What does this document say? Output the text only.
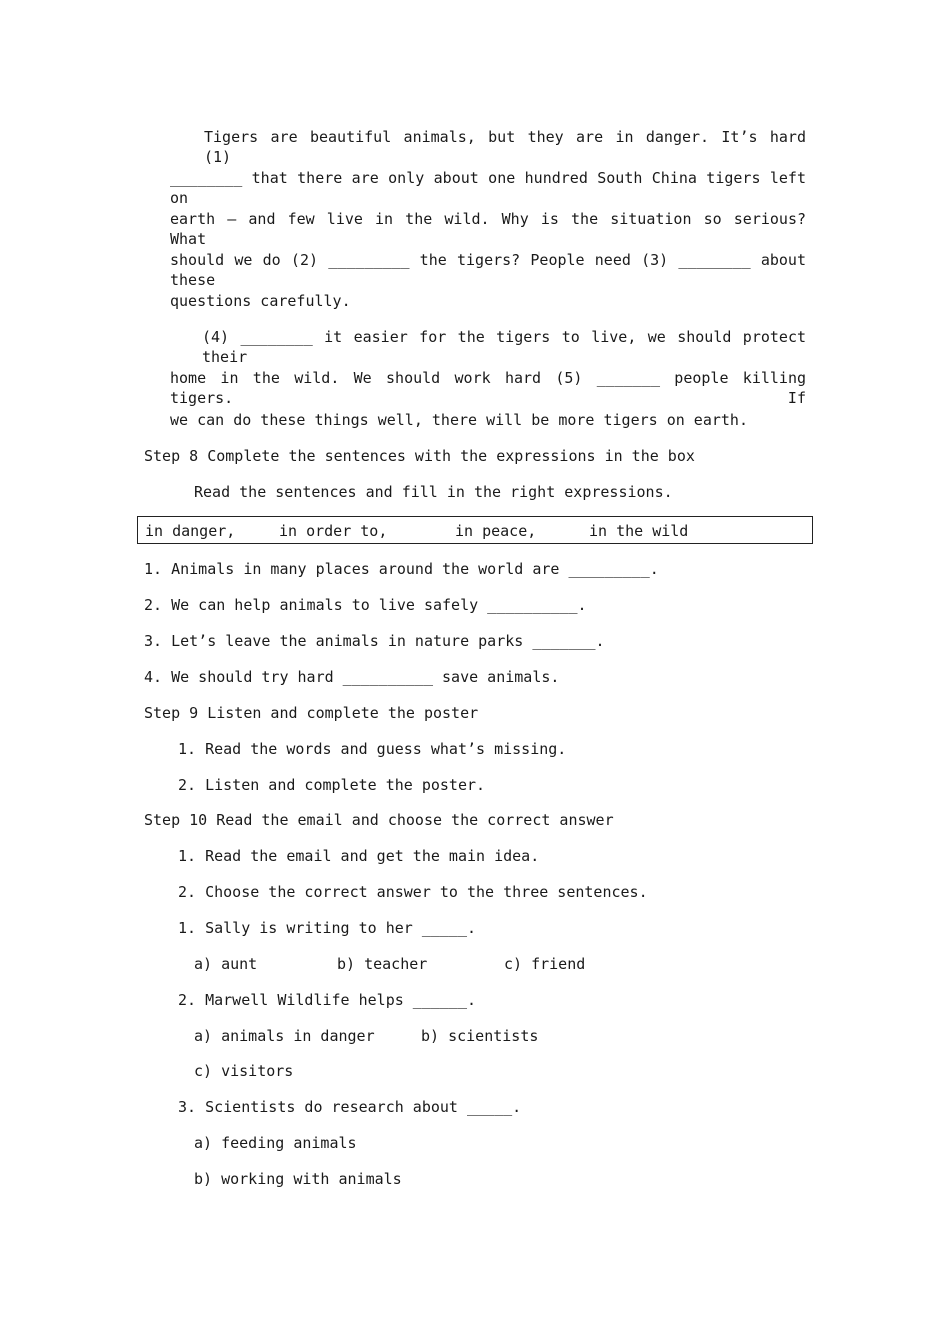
Tigers are beautiful animals, but they are in danger. It’s hard (1)
________ that there are only about one hundred South China tigers left on
earth — and few live in the wild. Why is the situation so serious? What
should we do (2) _________ the tigers? People need (3) ________ about these
questions carefully.
(4) ________ it easier for the tigers to live, we should protect their
home in the wild. We should work hard (5) _______ people killing tigers. If
we can do these things well, there will be more tigers on earth.
Step 8 Complete the sentences with the expressions in the box
Read the sentences and fill in the right expressions.
in danger,	in order to,	in peace,	in the wild
1. Animals in many places around the world are _________.
2. We can help animals to live safely __________.
3. Let’s leave the animals in nature parks _______.
4. We should try hard __________ save animals.
Step 9 Listen and complete the poster
1. Read the words and guess what’s missing.
2. Listen and complete the poster.
Step 10 Read the email and choose the correct answer
1. Read the email and get the main idea.
2. Choose the correct answer to the three sentences.
1. Sally is writing to her _____.
a) aunt	b) teacher	c) friend
2. Marwell Wildlife helps ______.
a) animals in danger	b) scientists
c) visitors
3. Scientists do research about _____.
a) feeding animals
b) working with animals
